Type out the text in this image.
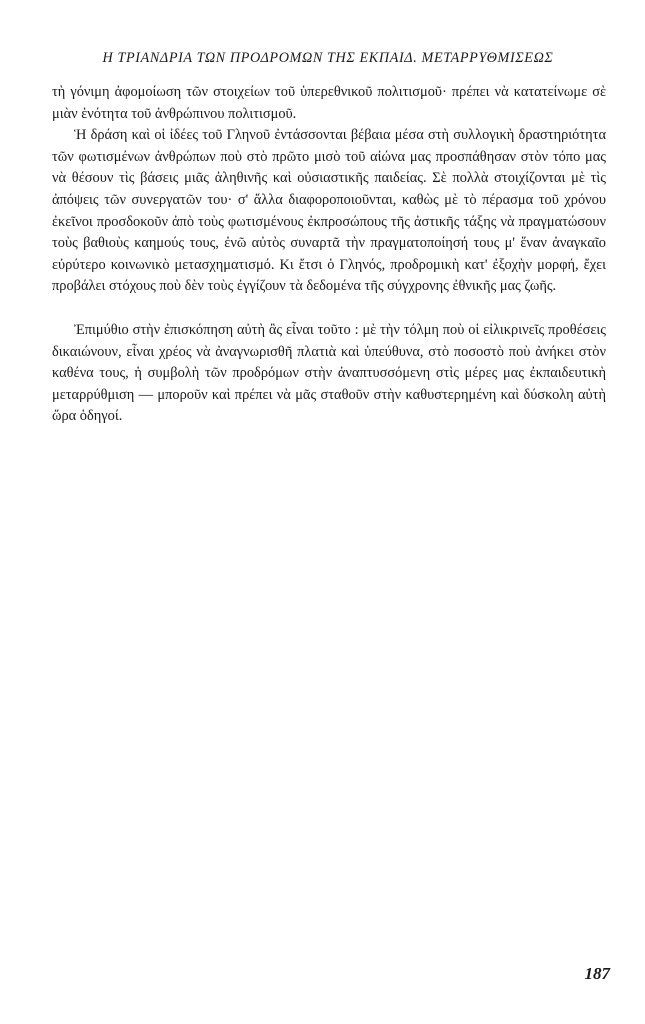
Η ΤΡΙΑΝΔΡΙΑ ΤΩΝ ΠΡΟΔΡΟΜΩΝ ΤΗΣ ΕΚΠΑΙΔ. ΜΕΤΑΡΡΥΘΜΙΣΕΩΣ

τὴ γόνιμη ἀφομοίωση τῶν στοιχείων τοῦ ὑπερεθνικοῦ πολιτισμοῦ· πρέπει νὰ κατατείνωμε σὲ μιὰν ἑνότητα τοῦ ἀνθρώπινου πολιτισμοῦ.

Ἡ δράση καὶ οἱ ἰδέες τοῦ Γληνοῦ ἐντάσσονται βέβαια μέσα στὴ συλλογικὴ δραστηριότητα τῶν φωτισμένων ἀνθρώπων ποὺ στὸ πρῶτο μισὸ τοῦ αἰώνα μας προσπάθησαν στὸν τόπο μας νὰ θέσουν τὶς βάσεις μιᾶς ἀληθινῆς καὶ οὐσιαστικῆς παιδείας. Σὲ πολλὰ στοιχίζονται μὲ τὶς ἀπόψεις τῶν συνεργατῶν του· σ' ἄλλα διαφοροποιοῦνται, καθὼς μὲ τὸ πέρασμα τοῦ χρόνου ἐκεῖνοι προσδοκοῦν ἀπὸ τοὺς φωτισμένους ἐκπροσώπους τῆς ἀστικῆς τάξης νὰ πραγματώσουν τοὺς βαθιοὺς καημούς τους, ἐνῶ αὐτὸς συναρτᾶ τὴν πραγματοποίησή τους μ' ἕναν ἀναγκαῖο εὐρύτερο κοινωνικὸ μετασχηματισμό. Κι ἔτσι ὁ Γληνός, προδρομικὴ κατ' ἐξοχὴν μορφή, ἔχει προβάλει στόχους ποὺ δὲν τοὺς ἐγγίζουν τὰ δεδομένα τῆς σύγχρονης ἐθνικῆς μας ζωῆς.

Ἐπιμύθιο στὴν ἐπισκόπηση αὐτὴ ἂς εἶναι τοῦτο : μὲ τὴν τόλμη ποὺ οἱ εἰλικρινεῖς προθέσεις δικαιώνουν, εἶναι χρέος νὰ ἀναγνωρισθῆ πλατιὰ καὶ ὑπεύθυνα, στὸ ποσοστὸ ποὺ ἀνήκει στὸν καθένα τους, ἡ συμβολὴ τῶν προδρόμων στὴν ἀναπτυσσόμενη στὶς μέρες μας ἐκπαιδευτικὴ μεταρρύθμιση — μποροῦν καὶ πρέπει νὰ μᾶς σταθοῦν στὴν καθυστερημένη καὶ δύσκολη αὐτὴ ὥρα ὁδηγοί.

187
